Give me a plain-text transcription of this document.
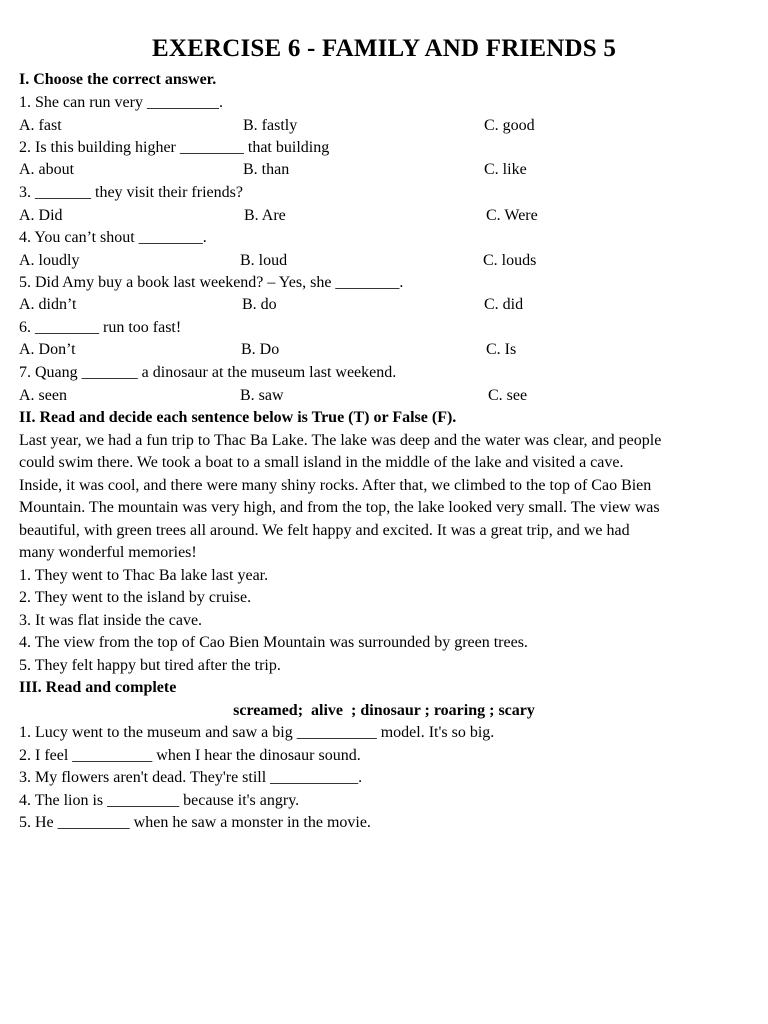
EXERCISE 6 - FAMILY AND FRIENDS 5
I. Choose the correct answer.
1. She can run very _________.
A. fast	B. fastly	C. good
2. Is this building higher ________ that building
A. about	B. than	C. like
3. _______ they visit their friends?
A. Did	B. Are	C. Were
4. You can’t shout ________.
A. loudly	B. loud	C. louds
5. Did Amy buy a book last weekend? – Yes, she ________.
A. didn’t	B. do	C. did
6. ________ run too fast!
A. Don’t	B. Do	C. Is
7. Quang _______ a dinosaur at the museum last weekend.
A. seen	B. saw	C. see
II. Read and decide each sentence below is True (T) or False (F).
Last year, we had a fun trip to Thac Ba Lake. The lake was deep and the water was clear, and people
could swim there. We took a boat to a small island in the middle of the lake and visited a cave.
Inside, it was cool, and there were many shiny rocks. After that, we climbed to the top of Cao Bien
Mountain. The mountain was very high, and from the top, the lake looked very small. The view was
beautiful, with green trees all around. We felt happy and excited. It was a great trip, and we had
many wonderful memories!
1. They went to Thac Ba lake last year.
2. They went to the island by cruise.
3. It was flat inside the cave.
4. The view from the top of Cao Bien Mountain was surrounded by green trees.
5. They felt happy but tired after the trip.
III. Read and complete
screamed;  alive  ; dinosaur ; roaring ; scary
1. Lucy went to the museum and saw a big __________ model. It's so big.
2. I feel __________ when I hear the dinosaur sound.
3. My flowers aren't dead. They're still ___________.
4. The lion is _________ because it's angry.
5. He _________ when he saw a monster in the movie.
